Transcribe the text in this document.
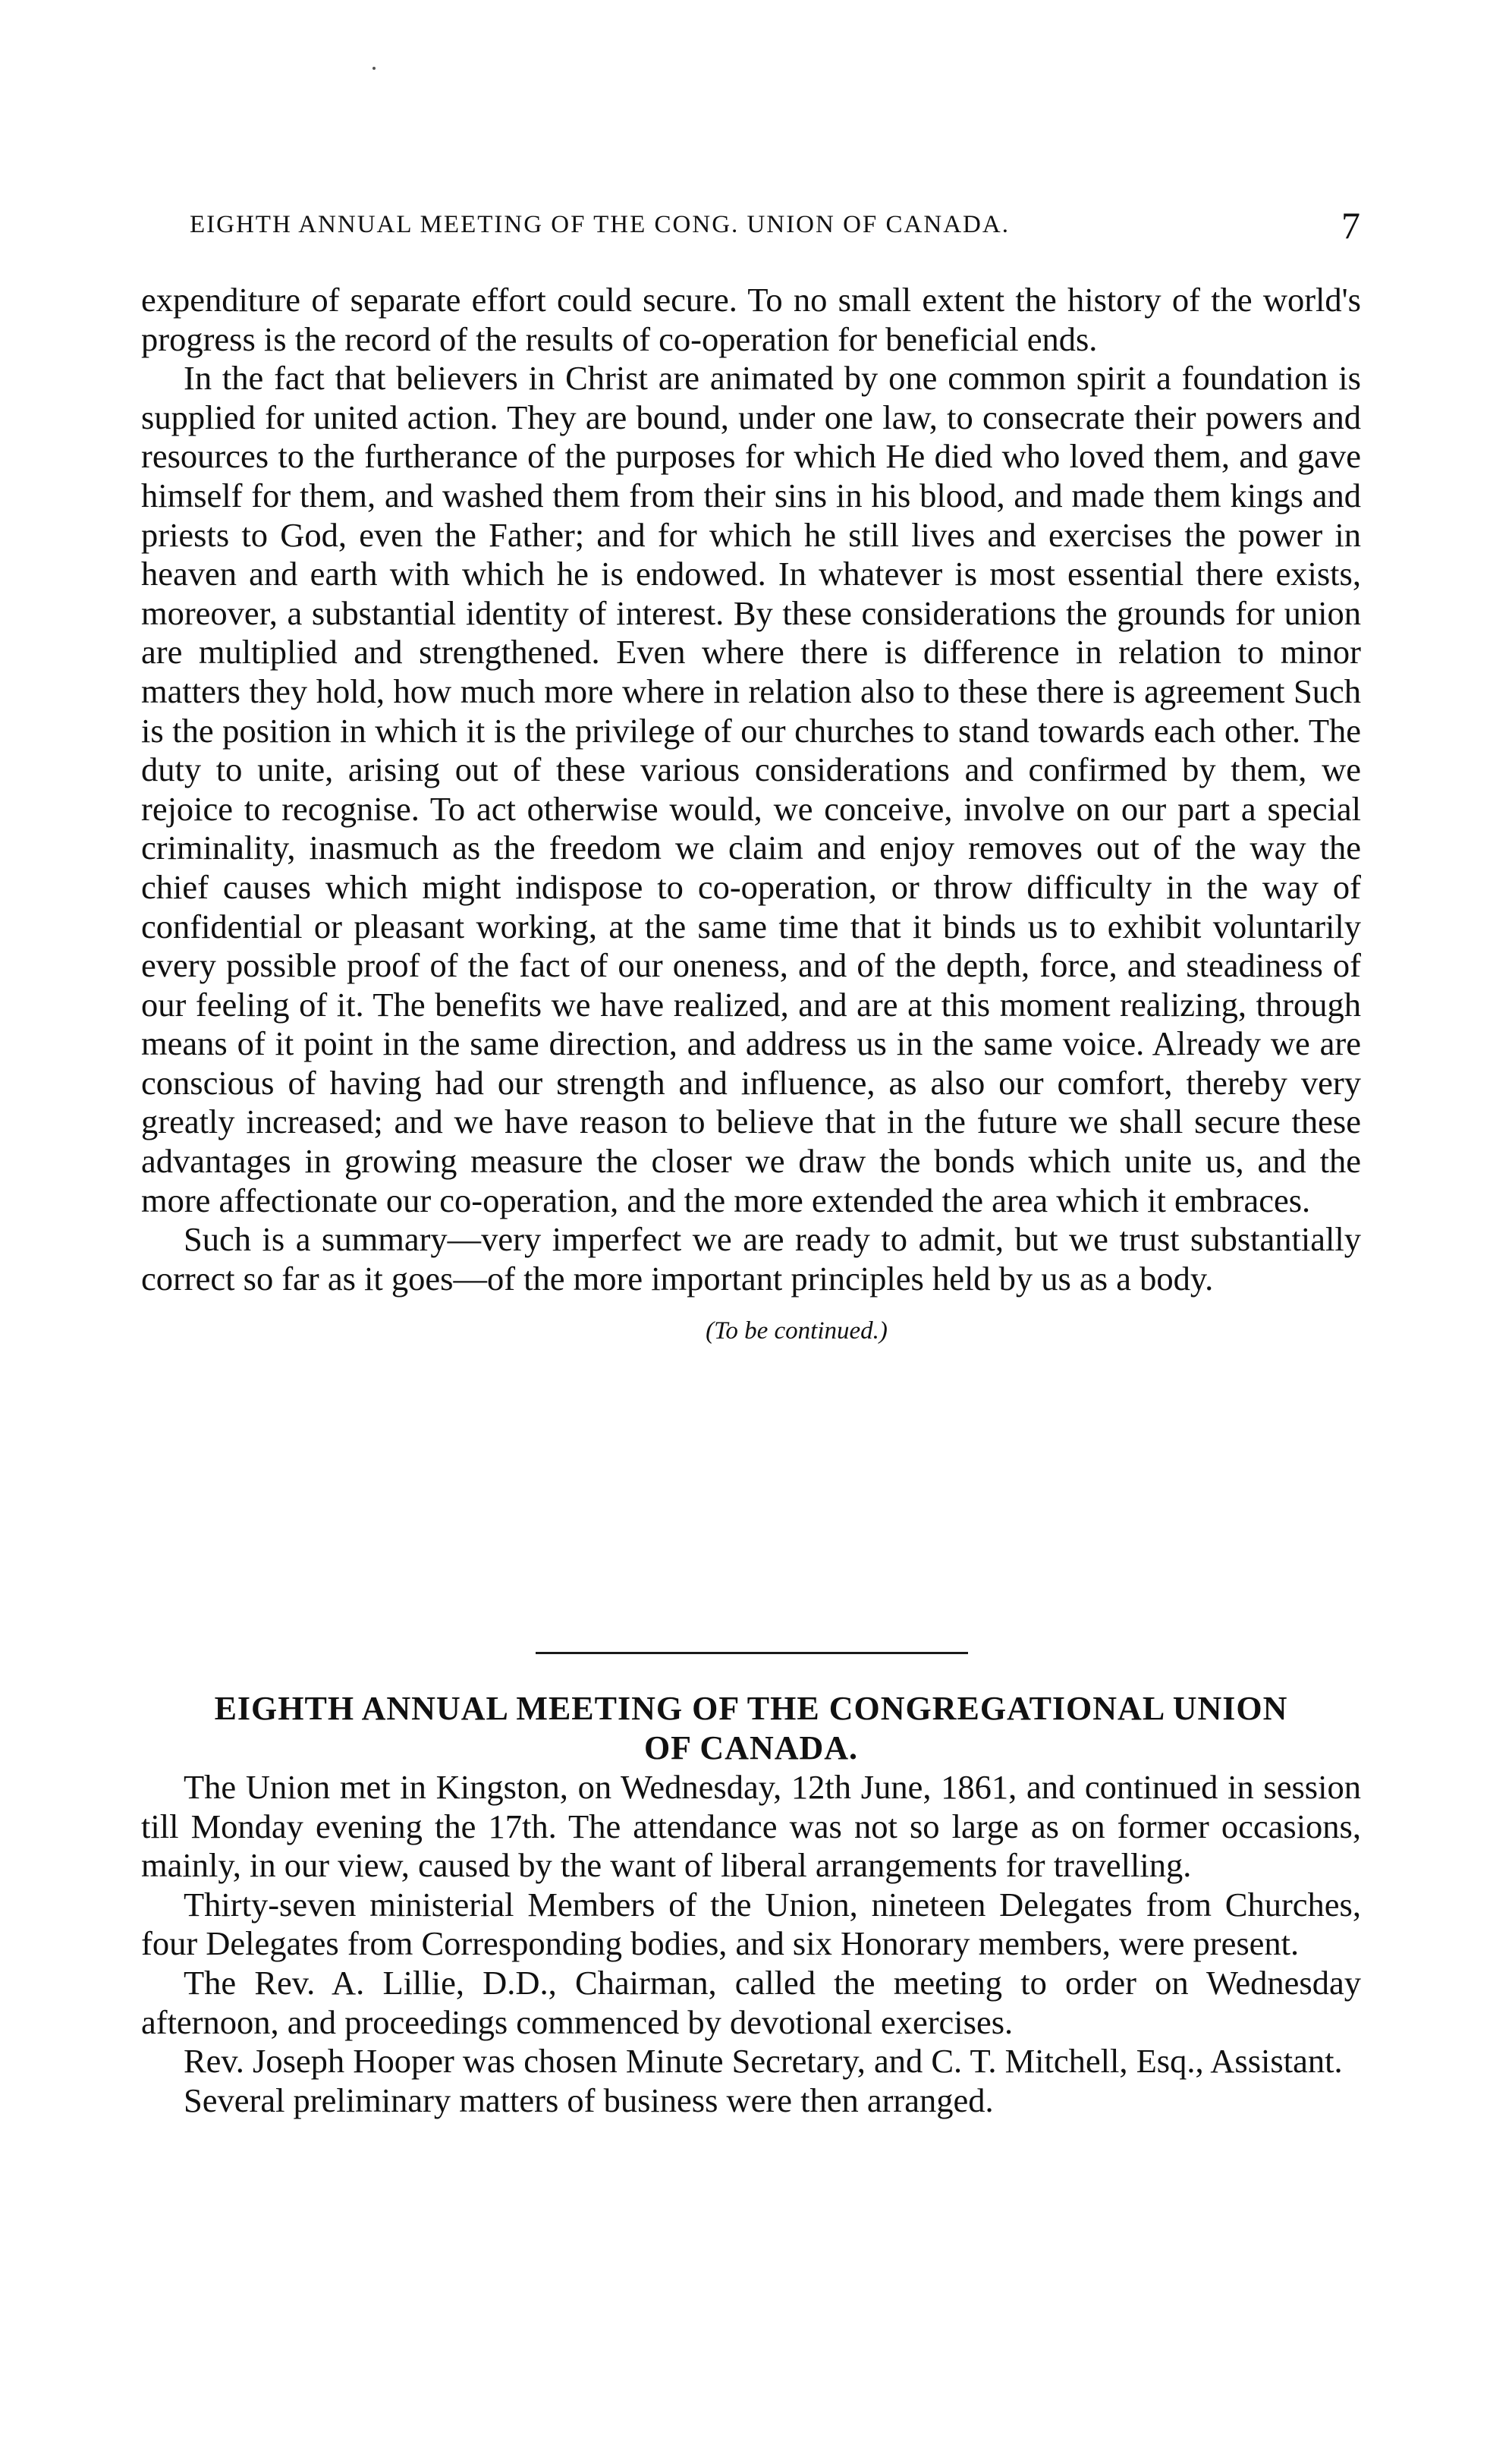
EIGHTH ANNUAL MEETING OF THE CONG. UNION OF CANADA.	7

expenditure of separate effort could secure. To no small extent the history of the world's progress is the record of the results of co-operation for beneficial ends.

In the fact that believers in Christ are animated by one common spirit a foundation is supplied for united action. They are bound, under one law, to consecrate their powers and resources to the furtherance of the purposes for which He died who loved them, and gave himself for them, and washed them from their sins in his blood, and made them kings and priests to God, even the Father; and for which he still lives and exercises the power in heaven and earth with which he is endowed. In whatever is most essential there exists, moreover, a substantial identity of interest. By these considerations the grounds for union are multiplied and strengthened. Even where there is difference in relation to minor matters they hold, how much more where in relation also to these there is agreement Such is the position in which it is the privilege of our churches to stand towards each other. The duty to unite, arising out of these various considerations and confirmed by them, we rejoice to recognise. To act otherwise would, we conceive, involve on our part a special criminality, inasmuch as the freedom we claim and enjoy removes out of the way the chief causes which might indispose to co-operation, or throw difficulty in the way of confidential or pleasant working, at the same time that it binds us to exhibit voluntarily every possible proof of the fact of our oneness, and of the depth, force, and steadiness of our feeling of it. The benefits we have realized, and are at this moment realizing, through means of it point in the same direction, and address us in the same voice. Already we are conscious of having had our strength and influence, as also our comfort, thereby very greatly increased; and we have reason to believe that in the future we shall secure these advantages in growing measure the closer we draw the bonds which unite us, and the more affectionate our co-operation, and the more extended the area which it embraces.

Such is a summary—very imperfect we are ready to admit, but we trust substantially correct so far as it goes—of the more important principles held by us as a body.

(To be continued.)

EIGHTH ANNUAL MEETING OF THE CONGREGATIONAL UNION
OF CANADA.

The Union met in Kingston, on Wednesday, 12th June, 1861, and continued in session till Monday evening the 17th. The attendance was not so large as on former occasions, mainly, in our view, caused by the want of liberal arrangements for travelling.

Thirty-seven ministerial Members of the Union, nineteen Delegates from Churches, four Delegates from Corresponding bodies, and six Honorary members, were present.

The Rev. A. Lillie, D.D., Chairman, called the meeting to order on Wednesday afternoon, and proceedings commenced by devotional exercises.

Rev. Joseph Hooper was chosen Minute Secretary, and C. T. Mitchell, Esq., Assistant.

Several preliminary matters of business were then arranged.
